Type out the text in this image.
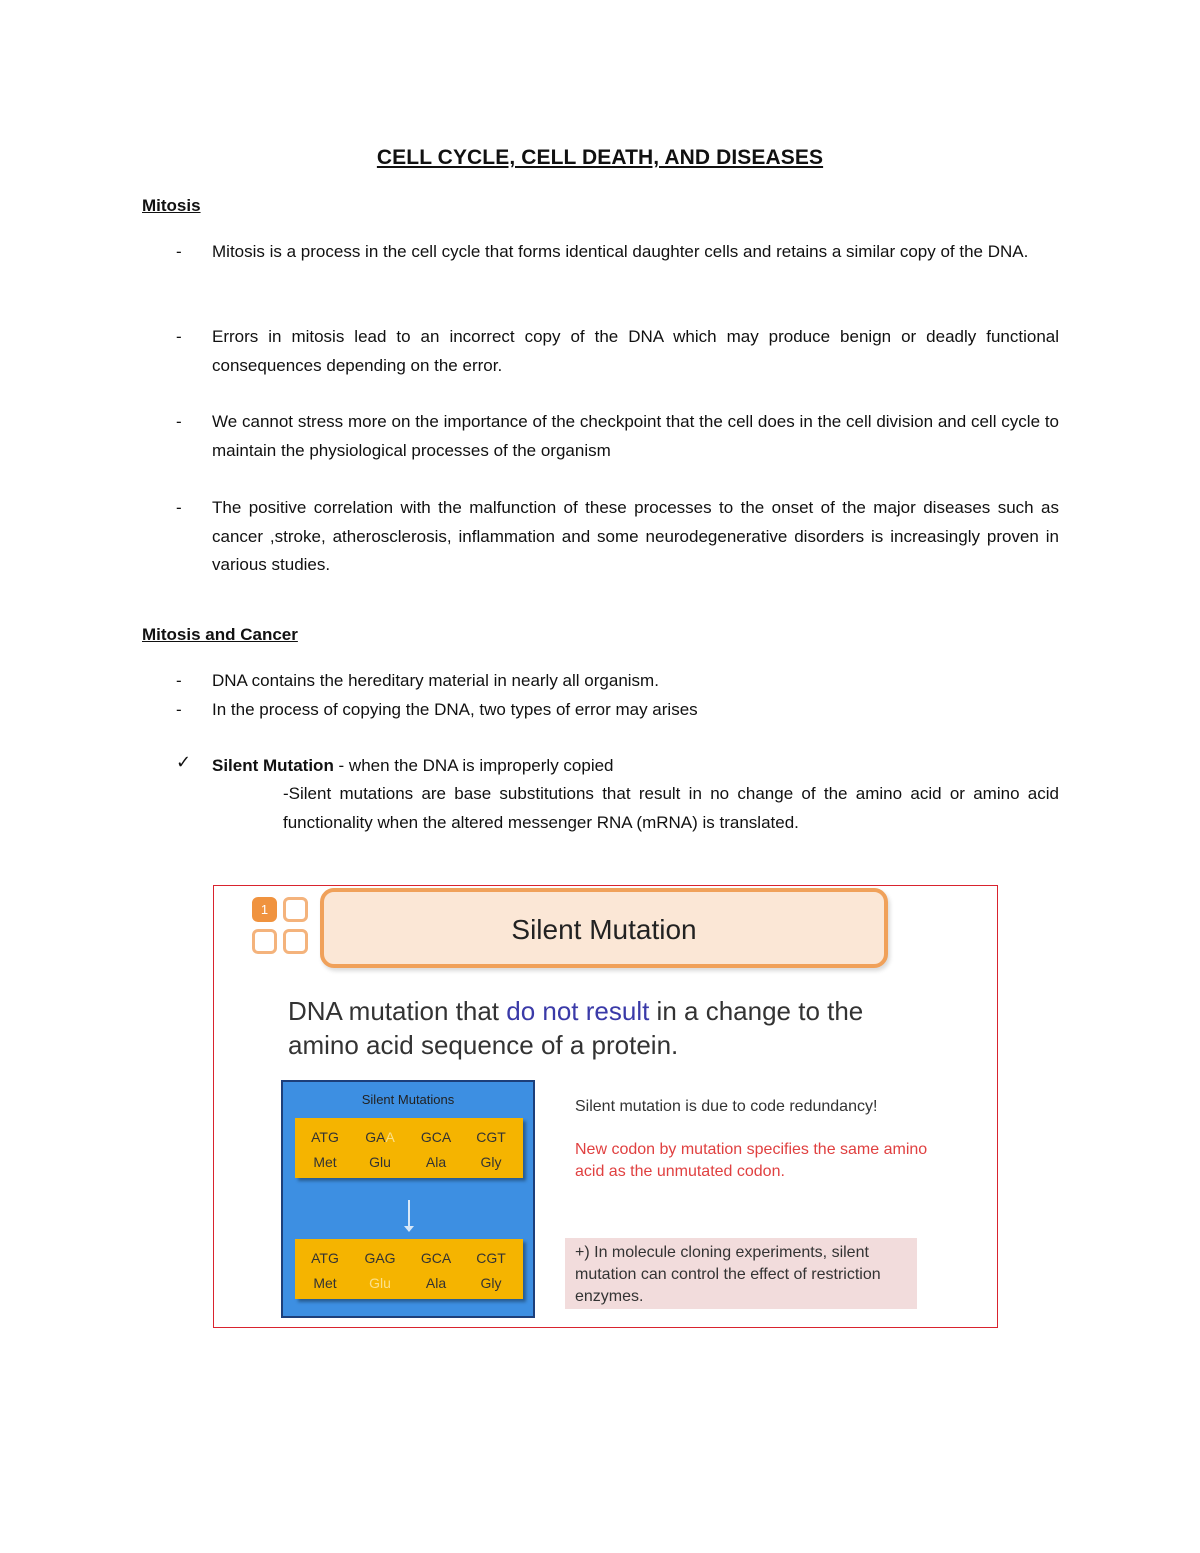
CELL CYCLE, CELL DEATH, AND DISEASES
Mitosis
- Mitosis is a process in the cell cycle that forms identical daughter cells and retains a similar copy of the DNA.
- Errors in mitosis lead to an incorrect copy of the DNA which may produce benign or deadly functional consequences depending on the error.
- We cannot stress more on the importance of the checkpoint that the cell does in the cell division and cell cycle to maintain the physiological processes of the organism
- The positive correlation with the malfunction of these processes to the onset of the major diseases such as cancer ,stroke, atherosclerosis, inflammation and some neurodegenerative disorders is increasingly proven in various studies.
Mitosis and Cancer
- DNA contains the hereditary material in nearly all organism.
- In the process of copying the DNA, two types of error may arises
✓ Silent Mutation - when the DNA is improperly copied
-Silent mutations are base substitutions that result in no change of the amino acid or amino acid functionality when the altered messenger RNA (mRNA) is translated.
1
Silent Mutation
DNA mutation that do not result in a change to the amino acid sequence of a protein.
Silent Mutations
ATG	GAA	GCA	CGT
Met	Glu	Ala	Gly
ATG	GAG	GCA	CGT
Met	Glu	Ala	Gly
Silent mutation is due to code redundancy!
New codon by mutation specifies the same amino acid as the unmutated codon.
+) In molecule cloning experiments, silent mutation can control the effect of restriction enzymes.
